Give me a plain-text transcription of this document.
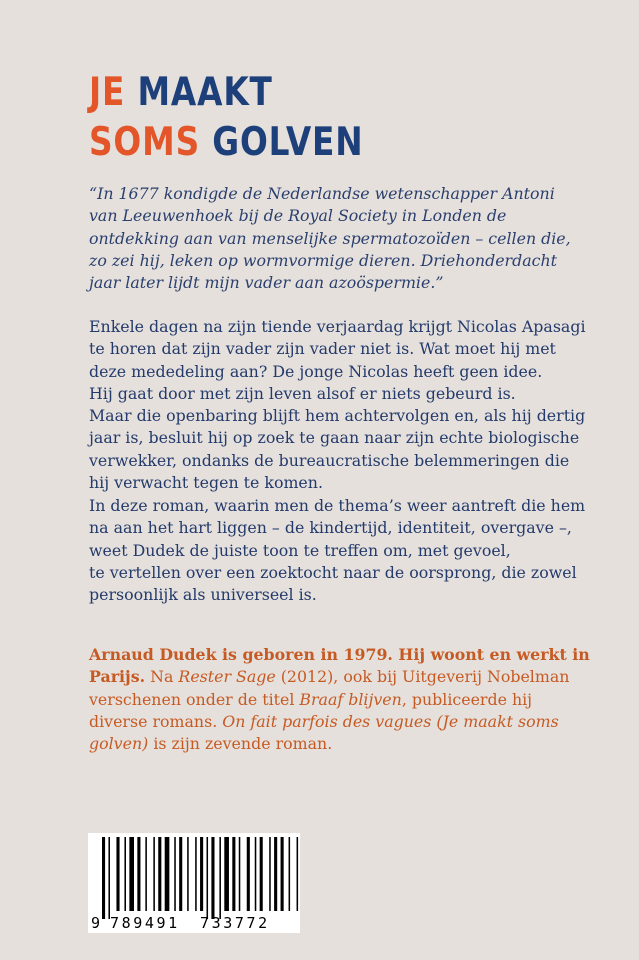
JE MAAKT
SOMS GOLVEN
“In 1677 kondigde de Nederlandse wetenschapper Antoni
van Leeuwenhoek bij de Royal Society in Londen de
ontdekking aan van menselijke spermatozoïden – cellen die,
zo zei hij, leken op wormvormige dieren. Driehonderdacht
jaar later lijdt mijn vader aan azoöspermie.”
Enkele dagen na zijn tiende verjaardag krijgt Nicolas Apasagi
te horen dat zijn vader zijn vader niet is. Wat moet hij met
deze mededeling aan? De jonge Nicolas heeft geen idee.
Hij gaat door met zijn leven alsof er niets gebeurd is.
Maar die openbaring blijft hem achtervolgen en, als hij dertig
jaar is, besluit hij op zoek te gaan naar zijn echte biologische
verwekker, ondanks de bureaucratische belemmeringen die
hij verwacht tegen te komen.
In deze roman, waarin men de thema’s weer aantreft die hem
na aan het hart liggen – de kindertijd, identiteit, overgave –,
weet Dudek de juiste toon te treffen om, met gevoel,
te vertellen over een zoektocht naar de oorsprong, die zowel
persoonlijk als universeel is.
Arnaud Dudek is geboren in 1979. Hij woont en werkt in
Parijs. Na Rester Sage (2012), ook bij Uitgeverij Nobelman
verschenen onder de titel Braaf blijven, publiceerde hij
diverse romans. On fait parfois des vagues (Je maakt soms
golven) is zijn zevende roman.
9 789491 733772
